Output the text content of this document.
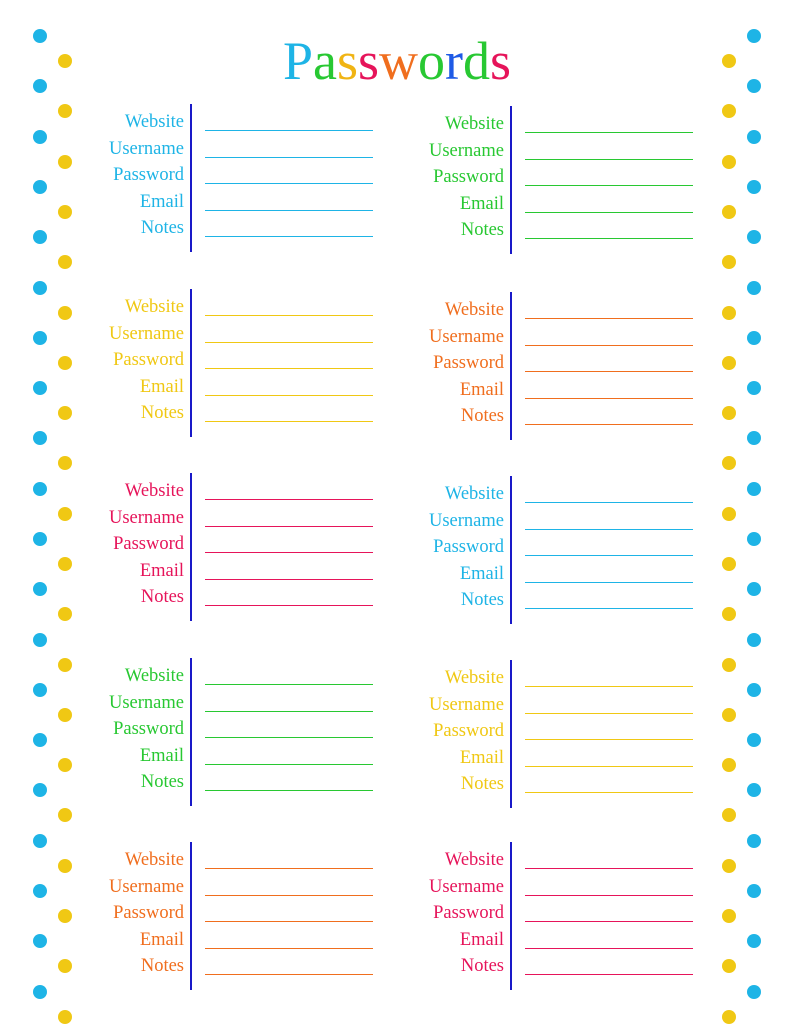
Passwords
Website
Username
Password
Email
Notes
Website
Username
Password
Email
Notes
Website
Username
Password
Email
Notes
Website
Username
Password
Email
Notes
Website
Username
Password
Email
Notes
Website
Username
Password
Email
Notes
Website
Username
Password
Email
Notes
Website
Username
Password
Email
Notes
Website
Username
Password
Email
Notes
Website
Username
Password
Email
Notes
